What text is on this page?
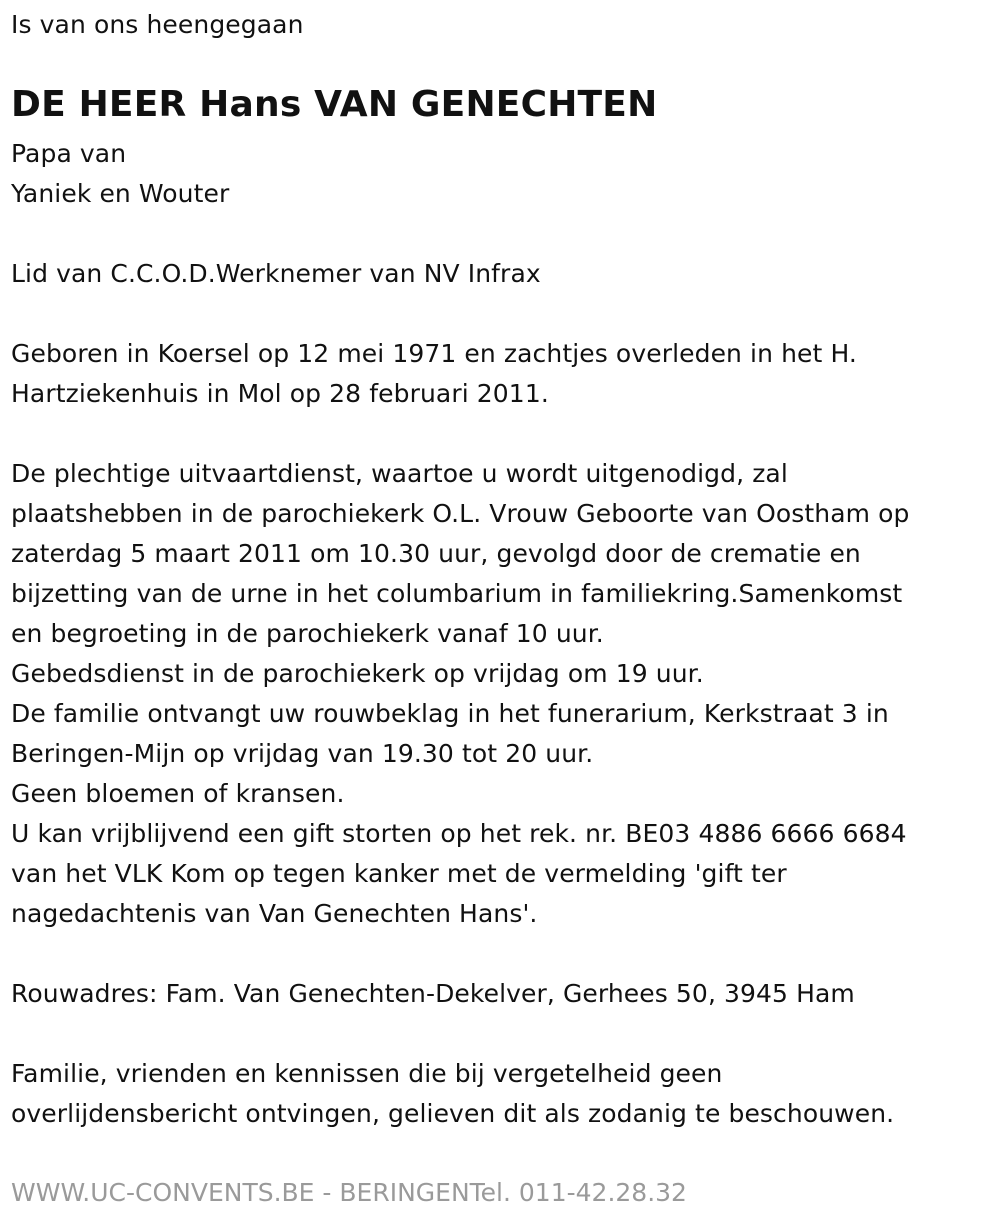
Is van ons heengegaan
DE HEER Hans VAN GENECHTEN
Papa van
Yaniek en Wouter
Lid van C.C.O.D.Werknemer van NV Infrax
Geboren in Koersel op 12 mei 1971 en zachtjes overleden in het H.
Hartziekenhuis in Mol op 28 februari 2011.
De plechtige uitvaartdienst, waartoe u wordt uitgenodigd, zal
plaatshebben in de parochiekerk O.L. Vrouw Geboorte van Oostham op
zaterdag 5 maart 2011 om 10.30 uur, gevolgd door de crematie en
bijzetting van de urne in het columbarium in familiekring.Samenkomst
en begroeting in de parochiekerk vanaf 10 uur.
Gebedsdienst in de parochiekerk op vrijdag om 19 uur.
De familie ontvangt uw rouwbeklag in het funerarium, Kerkstraat 3 in
Beringen-Mijn op vrijdag van 19.30 tot 20 uur.
Geen bloemen of kransen.
U kan vrijblijvend een gift storten op het rek. nr. BE03 4886 6666 6684
van het VLK Kom op tegen kanker met de vermelding 'gift ter
nagedachtenis van Van Genechten Hans'.
Rouwadres: Fam. Van Genechten-Dekelver, Gerhees 50, 3945 Ham
Familie, vrienden en kennissen die bij vergetelheid geen
overlijdensbericht ontvingen, gelieven dit als zodanig te beschouwen.
WWW.UC-CONVENTS.BE - BERINGENTel. 011-42.28.32
